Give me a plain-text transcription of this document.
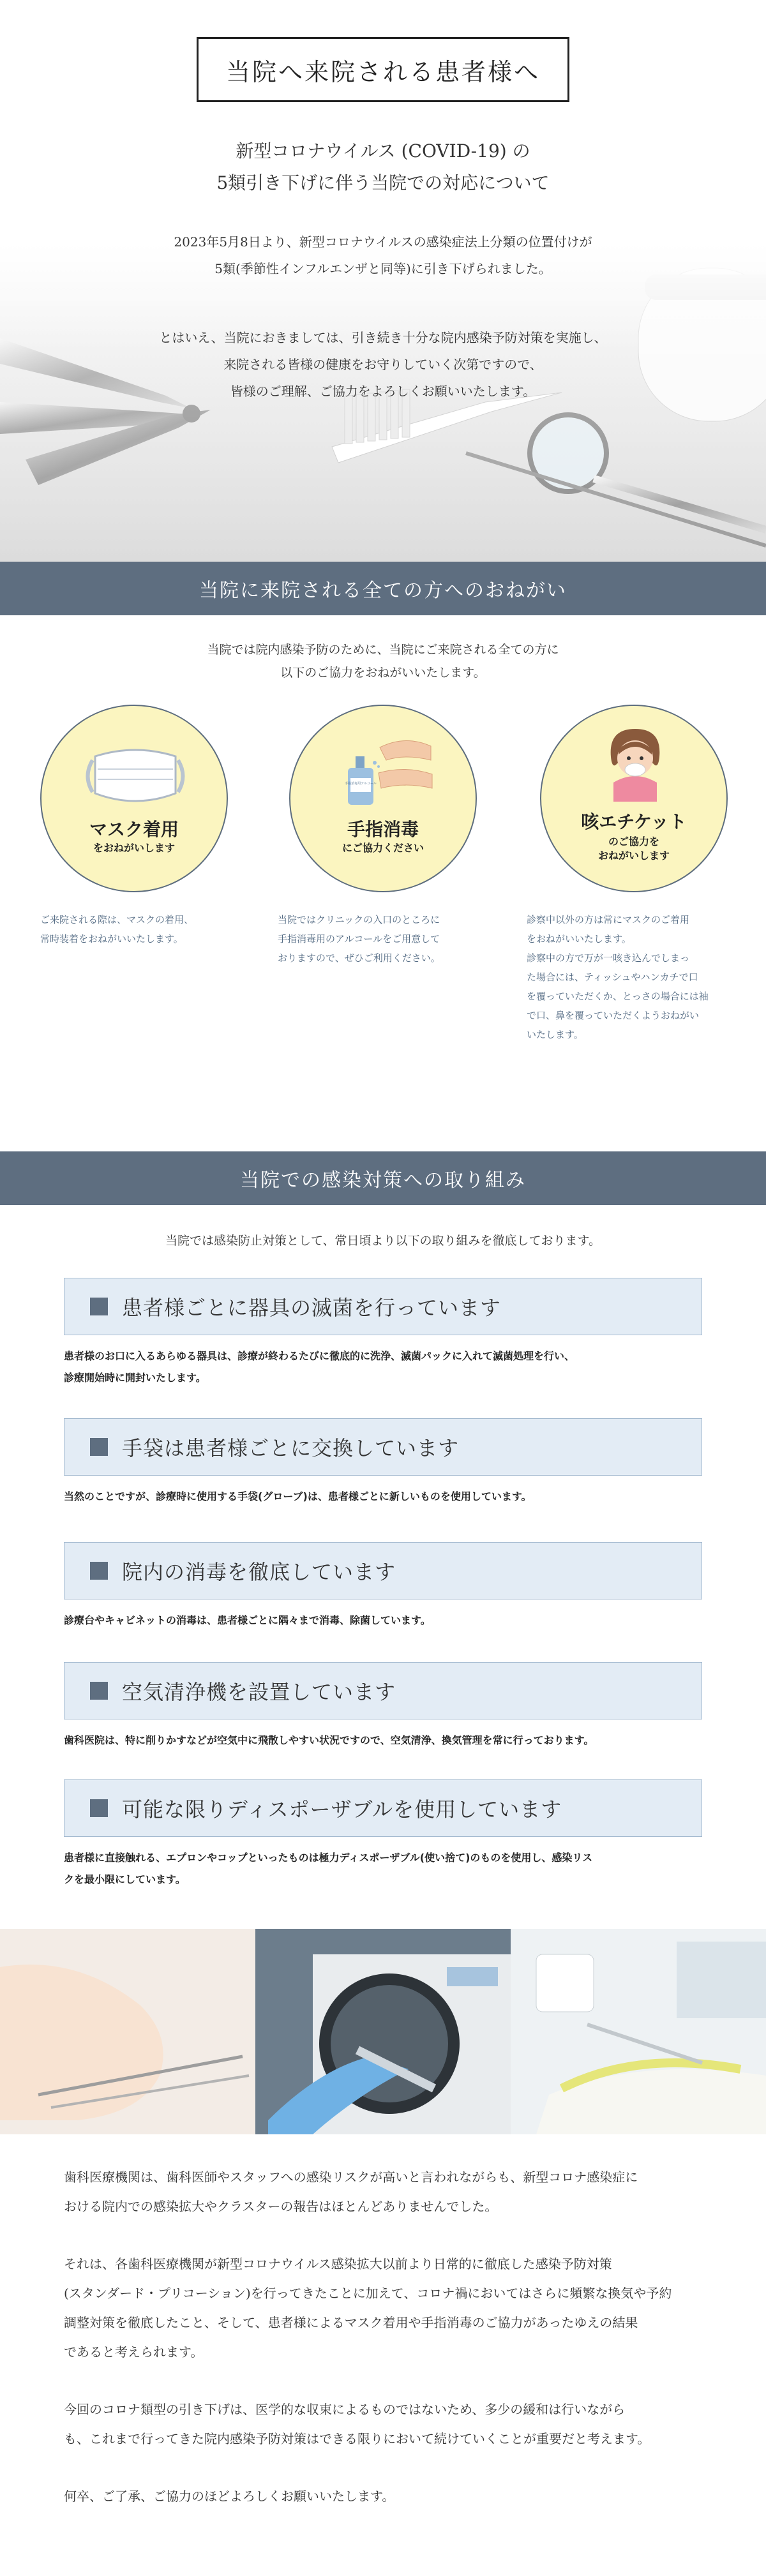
当院へ来院される患者様へ
新型コロナウイルス (COVID-19) の
5類引き下げに伴う当院での対応について
2023年5月8日より、新型コロナウイルスの感染症法上分類の位置付けが
5類(季節性インフルエンザと同等)に引き下げられました。
とはいえ、当院におきましては、引き続き十分な院内感染予防対策を実施し、
来院される皆様の健康をお守りしていく次第ですので、
皆様のご理解、ご協力をよろしくお願いいたします。
当院に来院される全ての方へのおねがい
当院では院内感染予防のために、当院にご来院される全ての方に
以下のご協力をおねがいいたします。
マスク着用
をおねがいします
ご来院される際は、マスクの着用、
常時装着をおねがいいたします。
手指消毒用アルコール
手指消毒
にご協力ください
当院ではクリニックの入口のところに
手指消毒用のアルコールをご用意して
おりますので、ぜひご利用ください。
咳エチケット
のご協力を
おねがいします
診察中以外の方は常にマスクのご着用
をおねがいいたします。
診察中の方で万が一咳き込んでしまっ
た場合には、ティッシュやハンカチで口
を覆っていただくか、とっさの場合には袖
で口、鼻を覆っていただくようおねがい
いたします。
当院での感染対策への取り組み
当院では感染防止対策として、常日頃より以下の取り組みを徹底しております。
患者様ごとに器具の滅菌を行っています
患者様のお口に入るあらゆる器具は、診療が終わるたびに徹底的に洗浄、滅菌パックに入れて滅菌処理を行い、
診療開始時に開封いたします。
手袋は患者様ごとに交換しています
当然のことですが、診療時に使用する手袋(グローブ)は、患者様ごとに新しいものを使用しています。
院内の消毒を徹底しています
診療台やキャビネットの消毒は、患者様ごとに隅々まで消毒、除菌しています。
空気清浄機を設置しています
歯科医院は、特に削りかすなどが空気中に飛散しやすい状況ですので、空気清浄、換気管理を常に行っております。
可能な限りディスポーザブルを使用しています
患者様に直接触れる、エプロンやコップといったものは極力ディスポーザブル(使い捨て)のものを使用し、感染リス
クを最小限にしています。

歯科医療機関は、歯科医師やスタッフへの感染リスクが高いと言われながらも、新型コロナ感染症に
おける院内での感染拡大やクラスターの報告はほとんどありませんでした。

それは、各歯科医療機関が新型コロナウイルス感染拡大以前より日常的に徹底した感染予防対策
(スタンダード・プリコーション)を行ってきたことに加えて、コロナ禍においてはさらに頻繁な換気や予約
調整対策を徹底したこと、そして、患者様によるマスク着用や手指消毒のご協力があったゆえの結果
であると考えられます。

今回のコロナ類型の引き下げは、医学的な収束によるものではないため、多少の緩和は行いながら
も、これまで行ってきた院内感染予防対策はできる限りにおいて続けていくことが重要だと考えます。

何卒、ご了承、ご協力のほどよろしくお願いいたします。
